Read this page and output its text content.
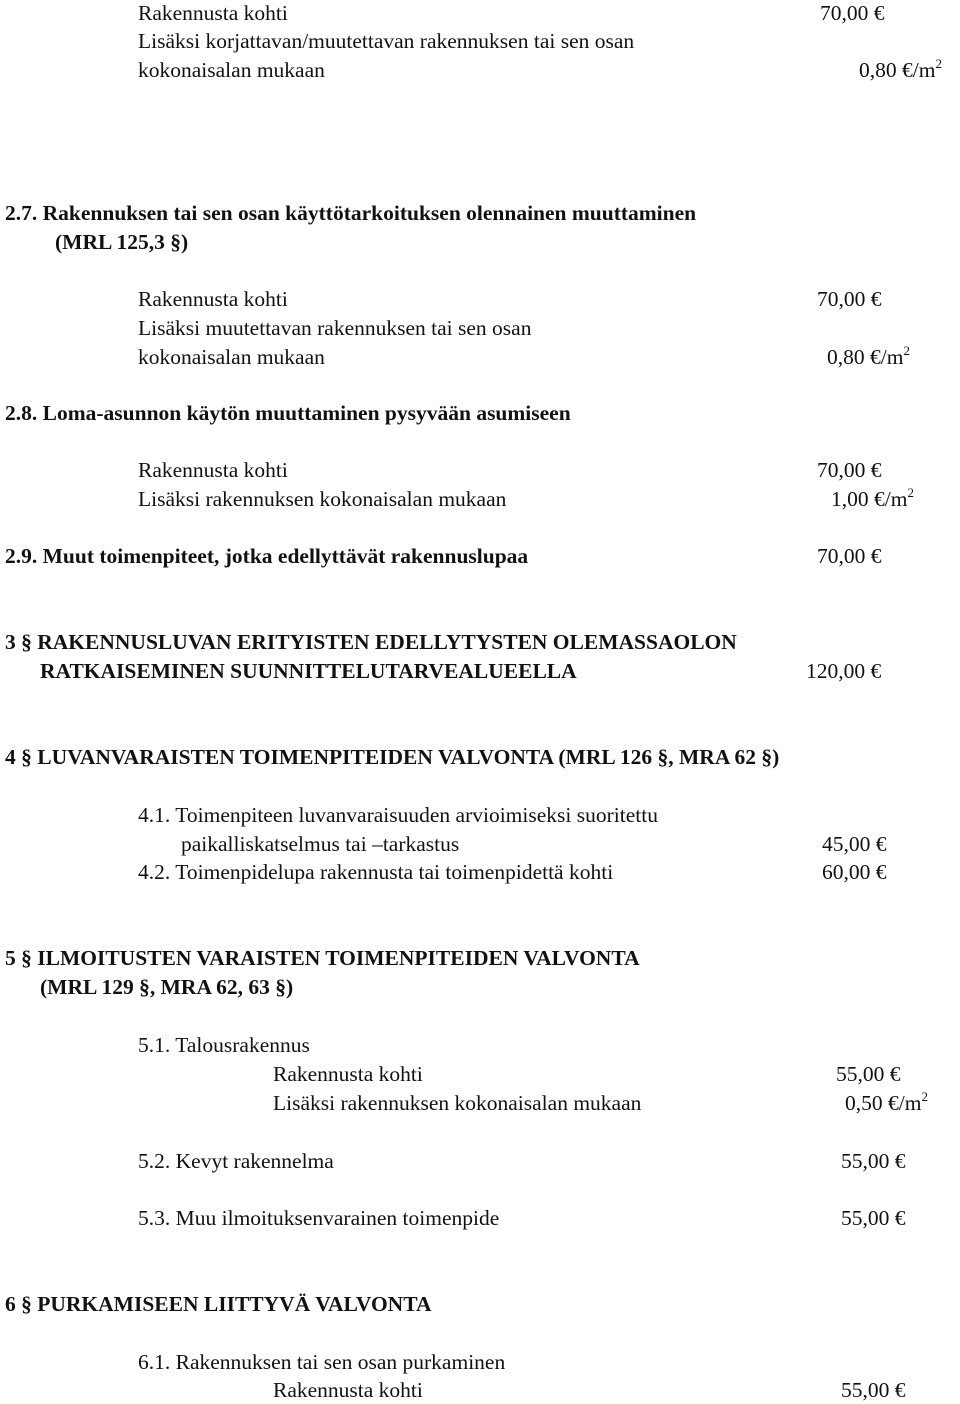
Rakennusta kohti	70,00 €
Lisäksi korjattavan/muutettavan rakennuksen tai sen osan
kokonaisalan mukaan	0,80 $€/m^2$
2.7. Rakennuksen tai sen osan käyttötarkoituksen olennainen muuttaminen
(MRL 125,3 §)
Rakennusta kohti	70,00 €
Lisäksi muutettavan rakennuksen tai sen osan
kokonaisalan mukaan	0,80 $€/m^2$
2.8. Loma-asunnon käytön muuttaminen pysyvään asumiseen
Rakennusta kohti	70,00 €
Lisäksi rakennuksen kokonaisalan mukaan	1,00 $€/m^2$
2.9. Muut toimenpiteet, jotka edellyttävät rakennuslupaa	70,00 €
3 § RAKENNUSLUVAN ERITYISTEN EDELLYTYSTEN OLEMASSAOLON
RATKAISEMINEN SUUNNITTELUTARVEALUEELLA	120,00 €
4 § LUVANVARAISTEN TOIMENPITEIDEN VALVONTA (MRL 126 §, MRA 62 §)
4.1. Toimenpiteen luvanvaraisuuden arvioimiseksi suoritettu
paikalliskatselmus tai –tarkastus	45,00 €
4.2. Toimenpidelupa rakennusta tai toimenpidettä kohti	60,00 €
5 § ILMOITUSTEN VARAISTEN TOIMENPITEIDEN VALVONTA
(MRL 129 §, MRA 62, 63 §)
5.1. Talousrakennus
Rakennusta kohti	55,00 €
Lisäksi rakennuksen kokonaisalan mukaan	0,50 $€/m^2$
5.2. Kevyt rakennelma	55,00 €
5.3. Muu ilmoituksenvarainen toimenpide	55,00 €
6 § PURKAMISEEN LIITTYVÄ VALVONTA
6.1. Rakennuksen tai sen osan purkaminen
Rakennusta kohti	55,00 €
